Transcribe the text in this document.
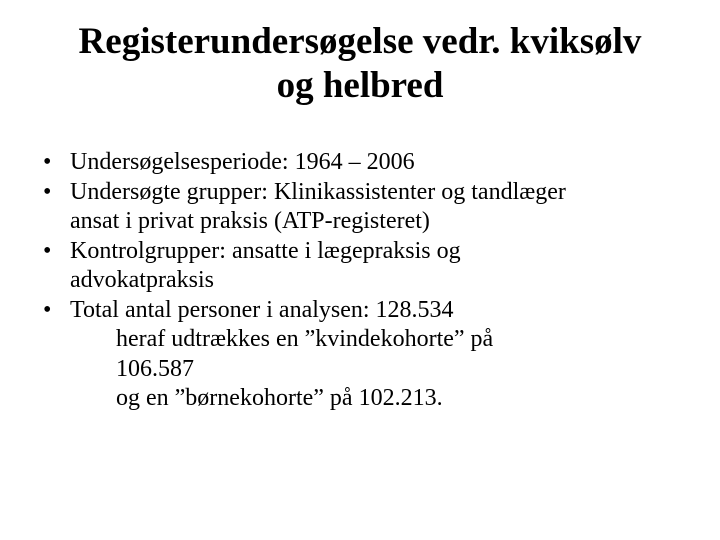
Registerundersøgelse vedr. kviksølv
og helbred
• Undersøgelsesperiode: 1964 – 2006
• Undersøgte grupper: Klinikassistenter og tandlæger
ansat i privat praksis (ATP-registeret)
• Kontrolgrupper: ansatte i lægepraksis og
advokatpraksis
• Total antal personer i analysen: 128.534
heraf udtrækkes en ”kvindekohorte” på
106.587
og en ”børnekohorte” på 102.213.
